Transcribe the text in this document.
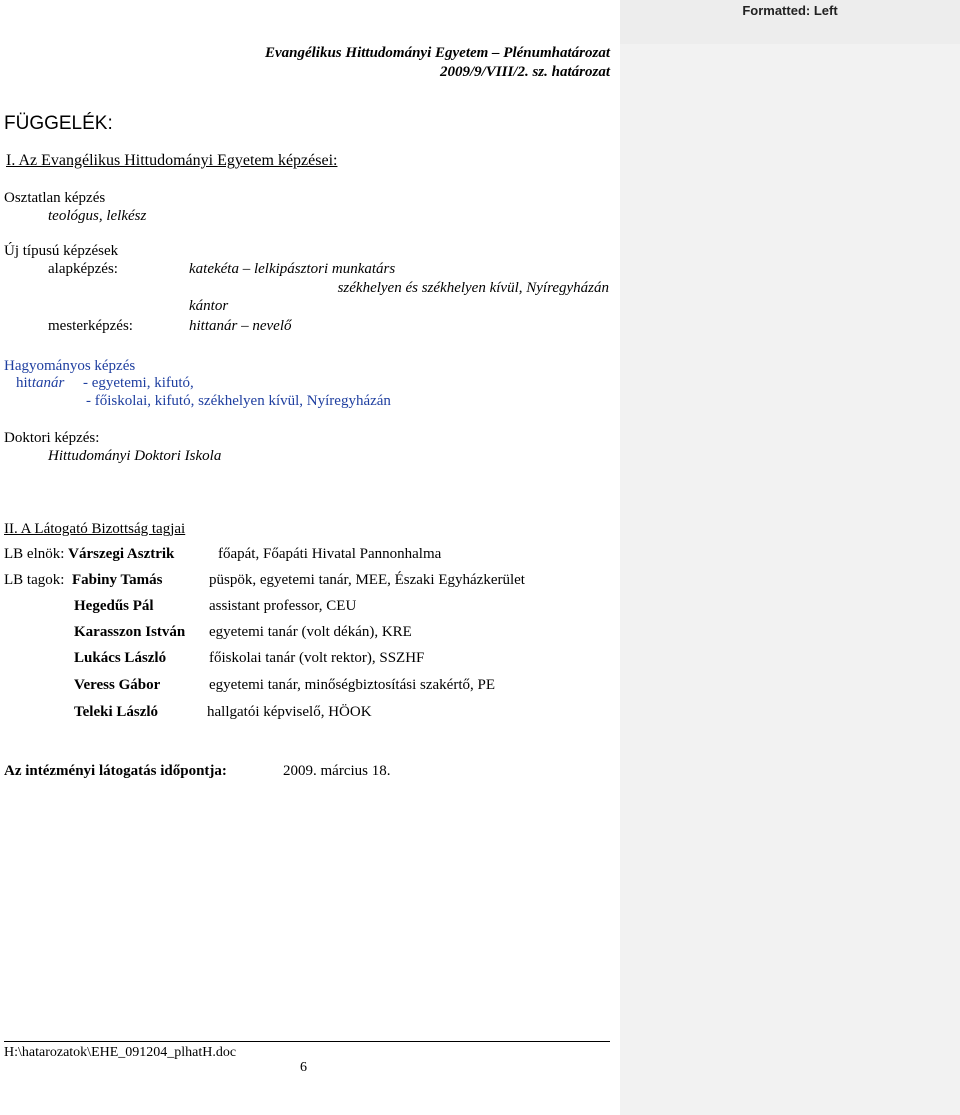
Formatted: Left
Evangélikus Hittudományi Egyetem – Plénumhatározat
2009/9/VIII/2. sz. határozat
FÜGGELÉK:
I. Az Evangélikus Hittudományi Egyetem képzései:
Osztatlan képzés
teológus, lelkész
Új típusú képzések
alapképzés:	katekéta – lelkipásztori munkatárs
székhelyen és székhelyen kívül, Nyíregyházán
kántor
mesterképzés:	hittanár – nevelő
Hagyományos képzés
hittanár - egyetemi, kifutó,
- főiskolai, kifutó, székhelyen kívül, Nyíregyházán
Doktori képzés:
Hittudományi Doktori Iskola
II. A Látogató Bizottság tagjai
LB elnök: Várszegi Asztrik	főapát, Főapáti Hivatal Pannonhalma
LB tagok: Fabiny Tamás	püspök, egyetemi tanár, MEE, Északi Egyházkerület
Hegedűs Pál	assistant professor, CEU
Karasszon István egyetemi tanár (volt dékán), KRE
Lukács László	főiskolai tanár (volt rektor), SSZHF
Veress Gábor	egyetemi tanár, minőségbiztosítási szakértő, PE
Teleki László	hallgatói képviselő, HÖOK
Az intézményi látogatás időpontja:	2009. március 18.
H:\hatarozatok\EHE_091204_plhatH.doc
6
